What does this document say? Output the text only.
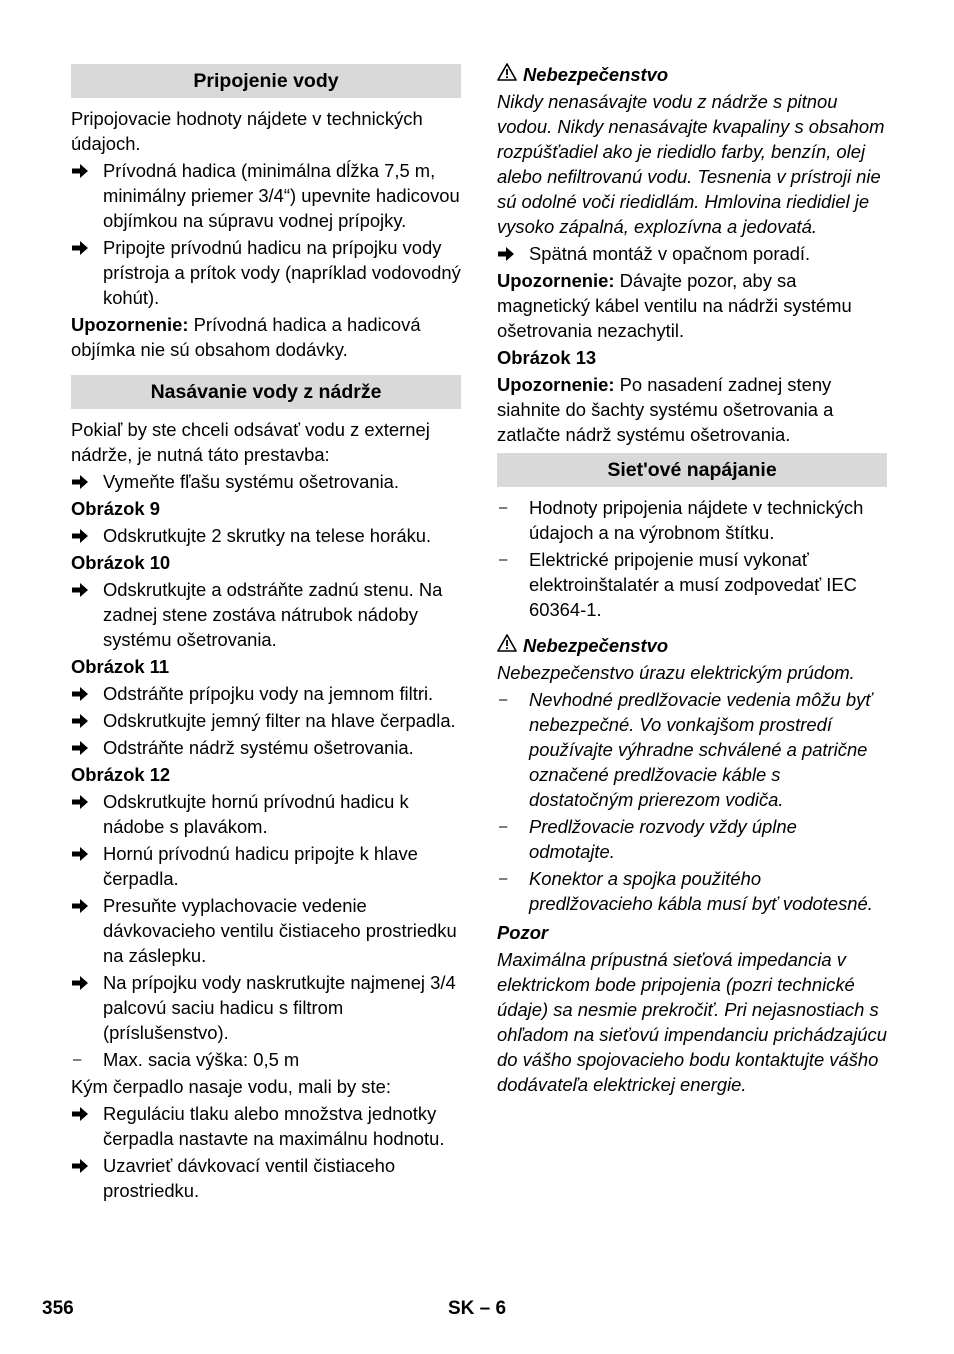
Pripojenie vody
Pripojovacie hodnoty nájdete v technických údajoch.
Prívodná hadica (minimálna dĺžka 7,5 m, minimálny priemer 3/4“) upevnite hadicovou objímkou na súpravu vodnej prípojky.
Pripojte prívodnú hadicu na prípojku vody prístroja a prítok vody (napríklad vodovodný kohút).
Upozornenie: Prívodná hadica a hadicová objímka nie sú obsahom dodávky.
Nasávanie vody z nádrže
Pokiaľ by ste chceli odsávať vodu z externej nádrže, je nutná táto prestavba:
Vymeňte fľašu systému ošetrovania.
Obrázok 9
Odskrutkujte 2 skrutky na telese horáku.
Obrázok 10
Odskrutkujte a odstráňte zadnú stenu. Na zadnej stene zostáva nátrubok nádoby systému ošetrovania.
Obrázok 11
Odstráňte prípojku vody na jemnom filtri.
Odskrutkujte jemný filter na hlave čerpadla.
Odstráňte nádrž systému ošetrovania.
Obrázok 12
Odskrutkujte hornú prívodnú hadicu k nádobe s plavákom.
Hornú prívodnú hadicu pripojte k hlave čerpadla.
Presuňte vyplachovacie vedenie dávkovacieho ventilu čistiaceho prostriedku na záslepku.
Na prípojku vody naskrutkujte najmenej 3/4 palcovú saciu hadicu s filtrom (príslušenstvo).
–	Max. sacia výška: 0,5 m
Kým čerpadlo nasaje vodu, mali by ste:
Reguláciu tlaku alebo množstva jednotky čerpadla nastavte na maximálnu hodnotu.
Uzavrieť dávkovací ventil čistiaceho prostriedku.
Nebezpečenstvo
Nikdy nenasávajte vodu z nádrže s pitnou vodou. Nikdy nenasávajte kvapaliny s obsahom rozpúšťadiel ako je riedidlo farby, benzín, olej alebo nefiltrovanú vodu. Tesnenia v prístroji nie sú odolné voči riedidlám. Hmlovina riedidiel je vysoko zápalná, explozívna a jedovatá.
Spätná montáž v opačnom poradí.
Upozornenie: Dávajte pozor, aby sa magnetický kábel ventilu na nádrži systému ošetrovania nezachytil.
Obrázok 13
Upozornenie: Po nasadení zadnej steny siahnite do šachty systému ošetrovania a zatlačte nádrž systému ošetrovania.
Siet'ové napájanie
–	Hodnoty pripojenia nájdete v technických údajoch a na výrobnom štítku.
–	Elektrické pripojenie musí vykonať elektroinštalatér a musí zodpovedať IEC 60364-1.
Nebezpečenstvo
Nebezpečenstvo úrazu elektrickým prúdom.
–	Nevhodné predlžovacie vedenia môžu byť nebezpečné. Vo vonkajšom prostredí používajte výhradne schválené a patrične označené predlžovacie káble s dostatočným prierezom vodiča.
–	Predlžovacie rozvody vždy úplne odmotajte.
–	Konektor a spojka použitého predlžovacieho kábla musí byť vodotesné.
Pozor
Maximálna prípustná sieťová impedancia v elektrickom bode pripojenia (pozri technické údaje) sa nesmie prekročiť. Pri nejasnostiach s ohľadom na sieťovú impendanciu prichádzajúcu do vášho spojovacieho bodu kontaktujte vášho dodávateľa elektrickej energie.
356	SK – 6
